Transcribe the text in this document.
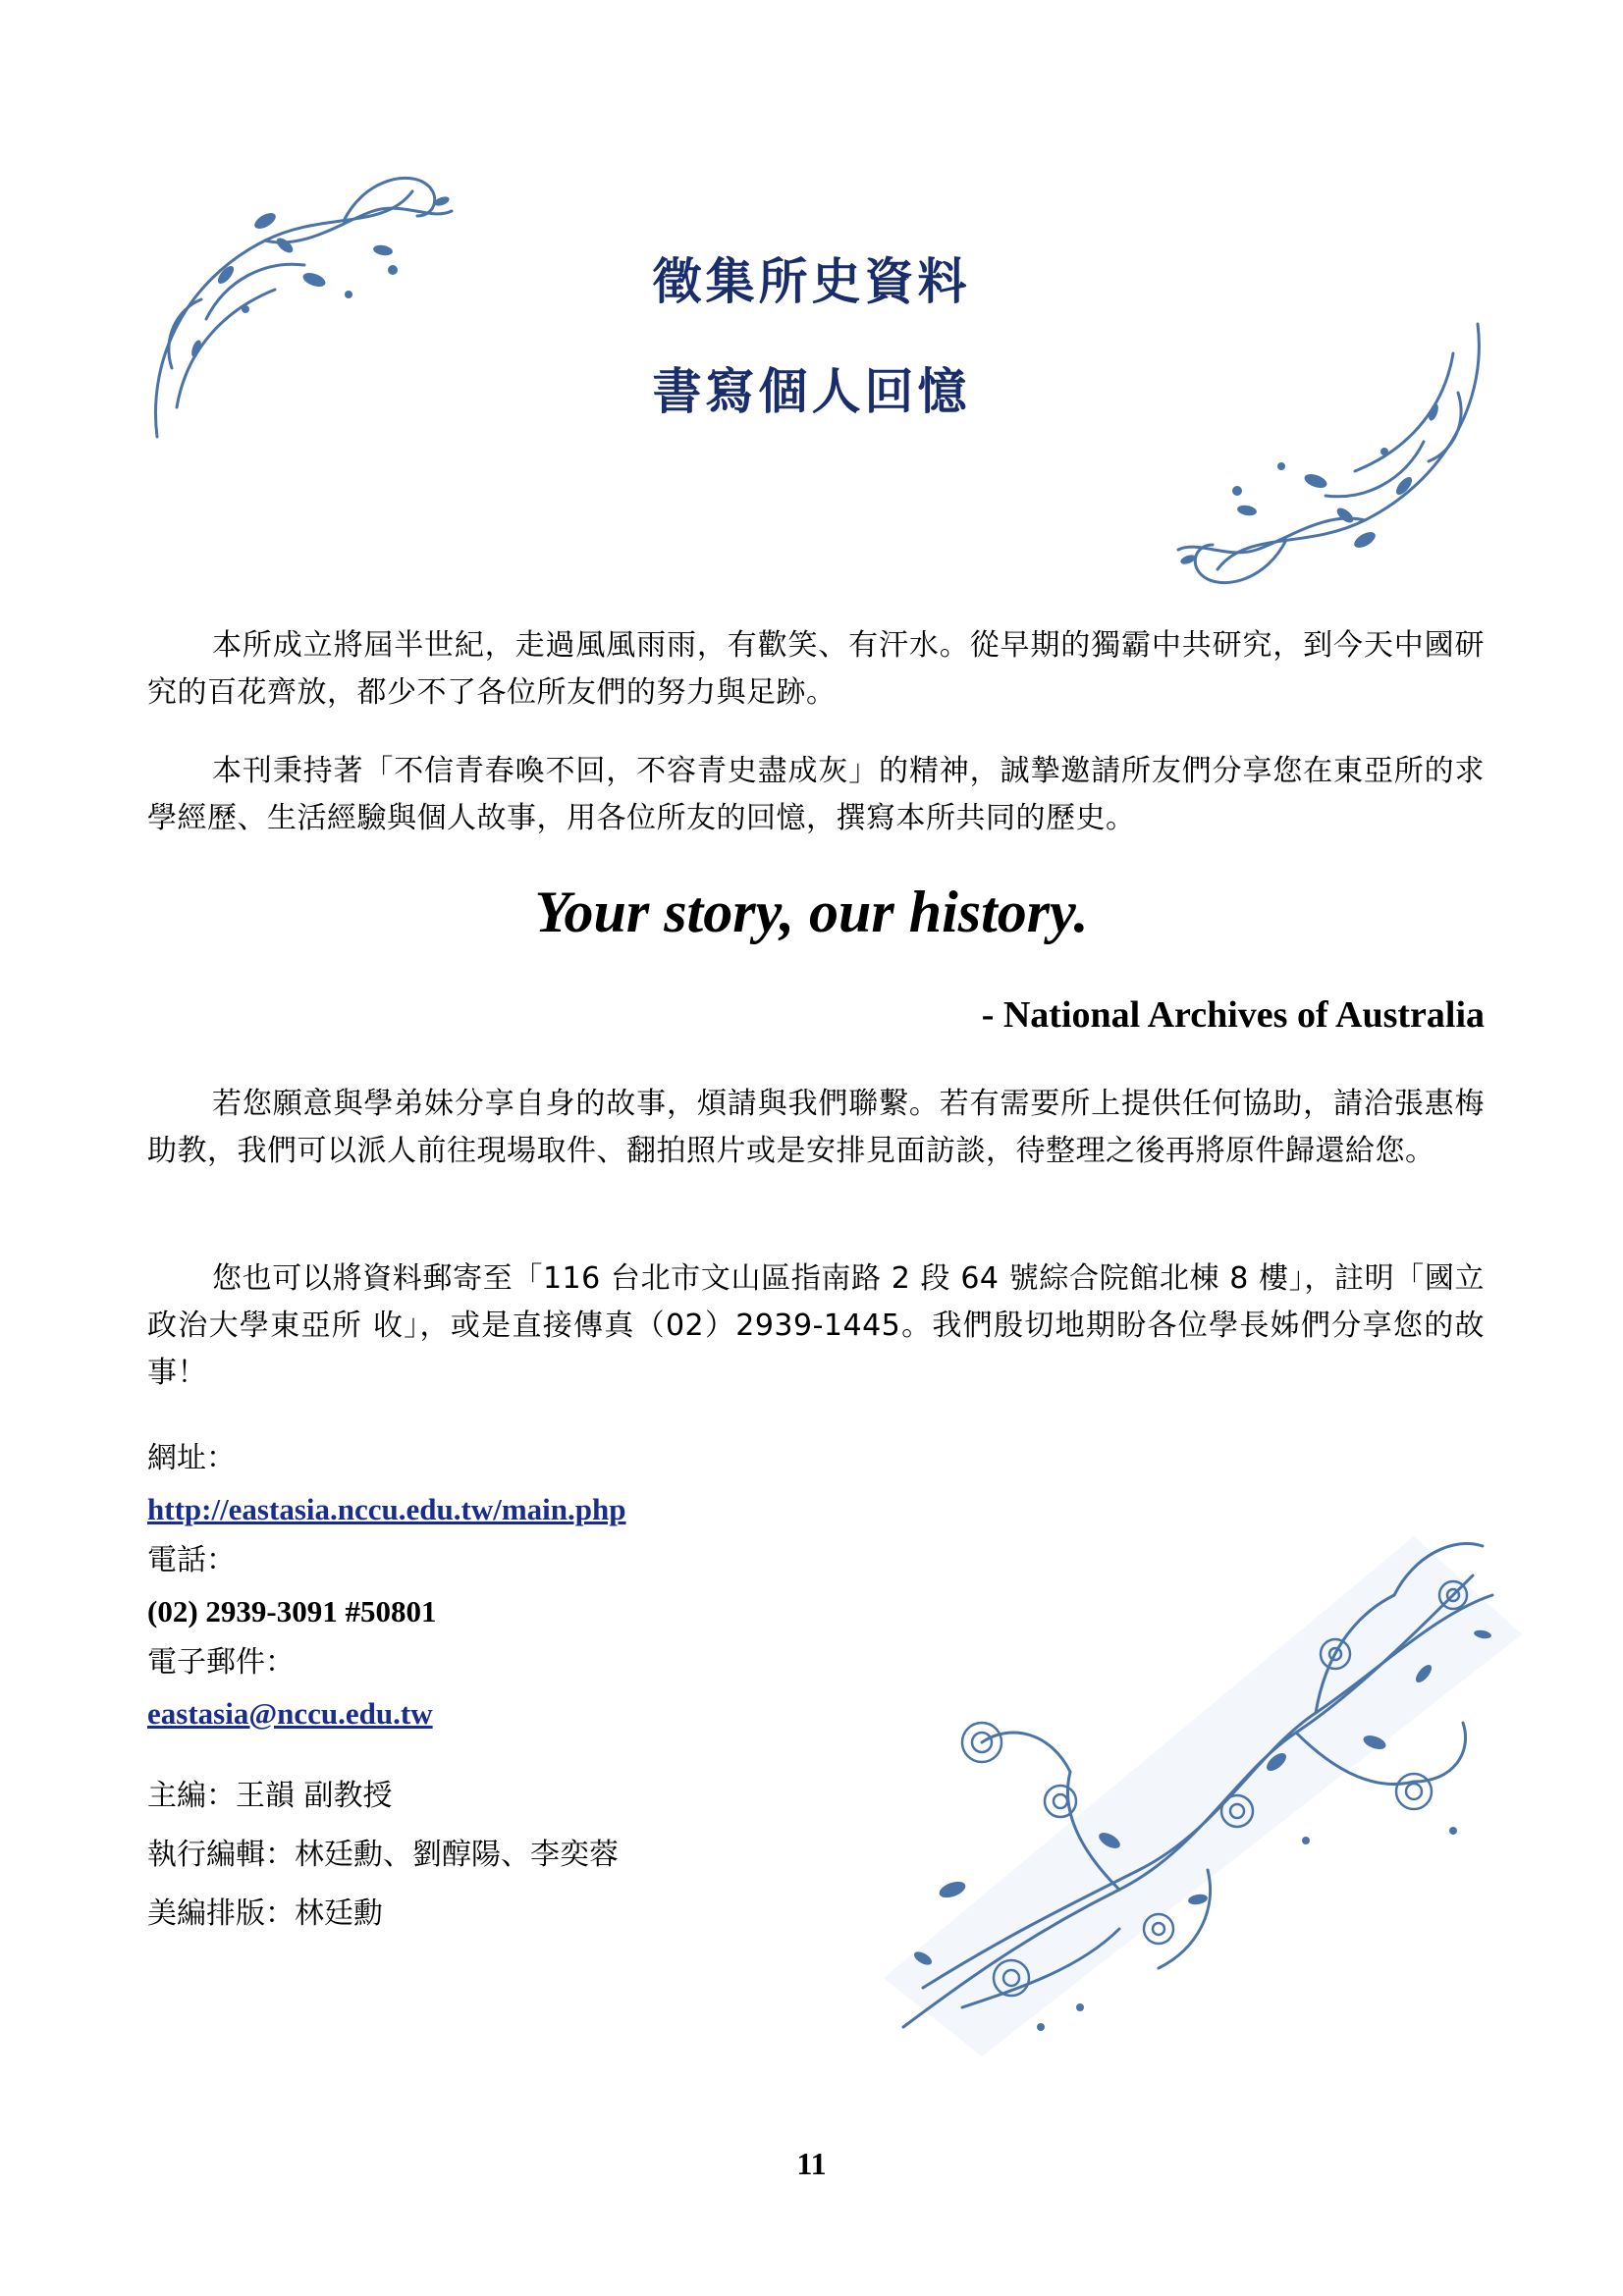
徵集所史資料
書寫個人回憶
本所成立將屆半世紀，走過風風雨雨，有歡笑、有汗水。從早期的獨霸中共研究，到今天中國研究的百花齊放，都少不了各位所友們的努力與足跡。
本刊秉持著「不信青春喚不回，不容青史盡成灰」的精神，誠摯邀請所友們分享您在東亞所的求學經歷、生活經驗與個人故事，用各位所友的回憶，撰寫本所共同的歷史。
Your story, our history.
- National Archives of Australia
若您願意與學弟妹分享自身的故事，煩請與我們聯繫。若有需要所上提供任何協助，請洽張惠梅助教，我們可以派人前往現場取件、翻拍照片或是安排見面訪談，待整理之後再將原件歸還給您。
您也可以將資料郵寄至「116 台北市文山區指南路 2 段 64 號綜合院館北棟 8 樓」，註明「國立政治大學東亞所 收」，或是直接傳真（02）2939-1445。我們殷切地期盼各位學長姊們分享您的故事！
網址：
http://eastasia.nccu.edu.tw/main.php
電話：
(02) 2939-3091 #50801
電子郵件：
eastasia@nccu.edu.tw
主編：王韻 副教授
執行編輯：林廷勳、劉醇陽、李奕蓉
美編排版：林廷勳
11
